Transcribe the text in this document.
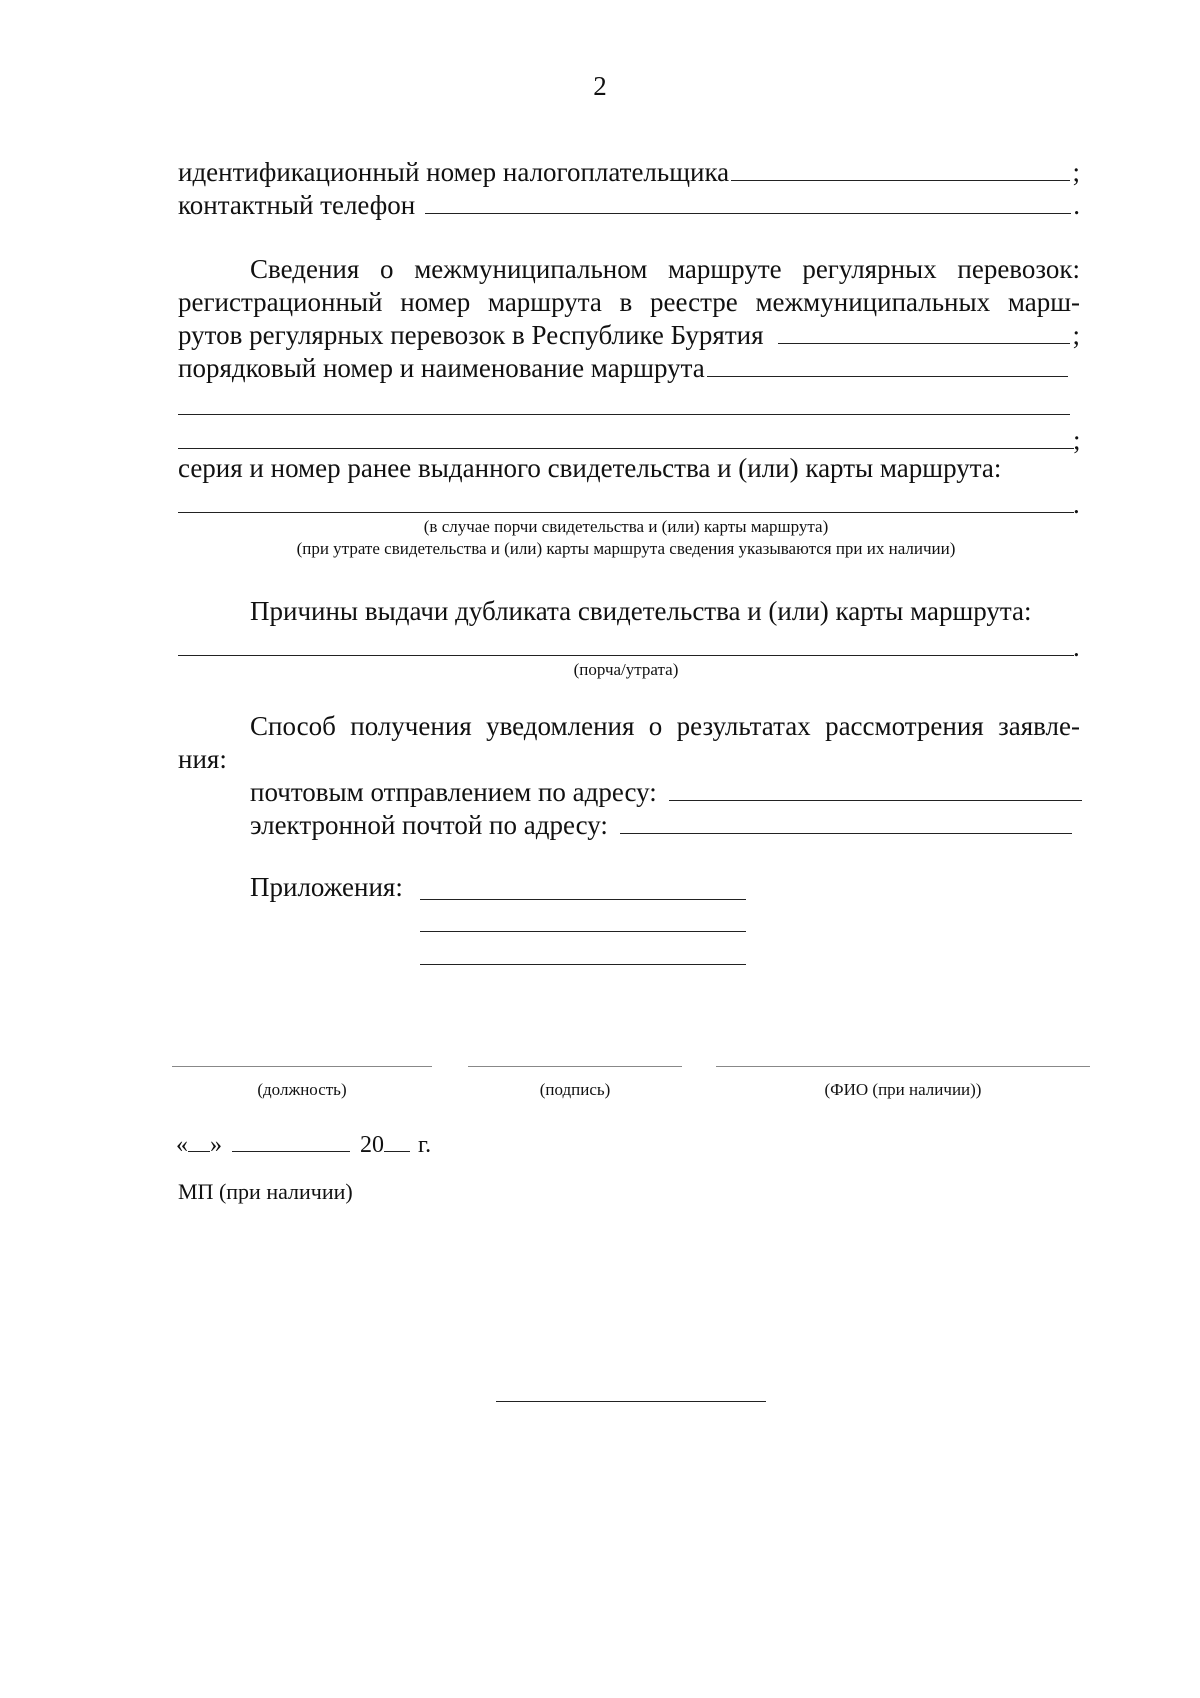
2
идентификационный номер налогоплательщика	;
контактный телефон	.
Сведения о межмуниципальном маршруте регулярных перевозок:
регистрационный номер маршрута в реестре межмуниципальных марш-
рутов регулярных перевозок в Республике Бурятия	;
порядковый номер и наименование маршрута
;
серия и номер ранее выданного свидетельства и (или) карты маршрута:
.
(в случае порчи свидетельства и (или) карты маршрута)
(при утрате свидетельства и (или) карты маршрута сведения указываются при их наличии)
Причины выдачи дубликата свидетельства и (или) карты маршрута:
.
(порча/утрата)
Способ получения уведомления о результатах рассмотрения заявле-
ния:
почтовым отправлением по адресу:
электронной почтой по адресу:
Приложения:
(должность)	(подпись)	(ФИО (при наличии))
« »	20 г.
МП (при наличии)
